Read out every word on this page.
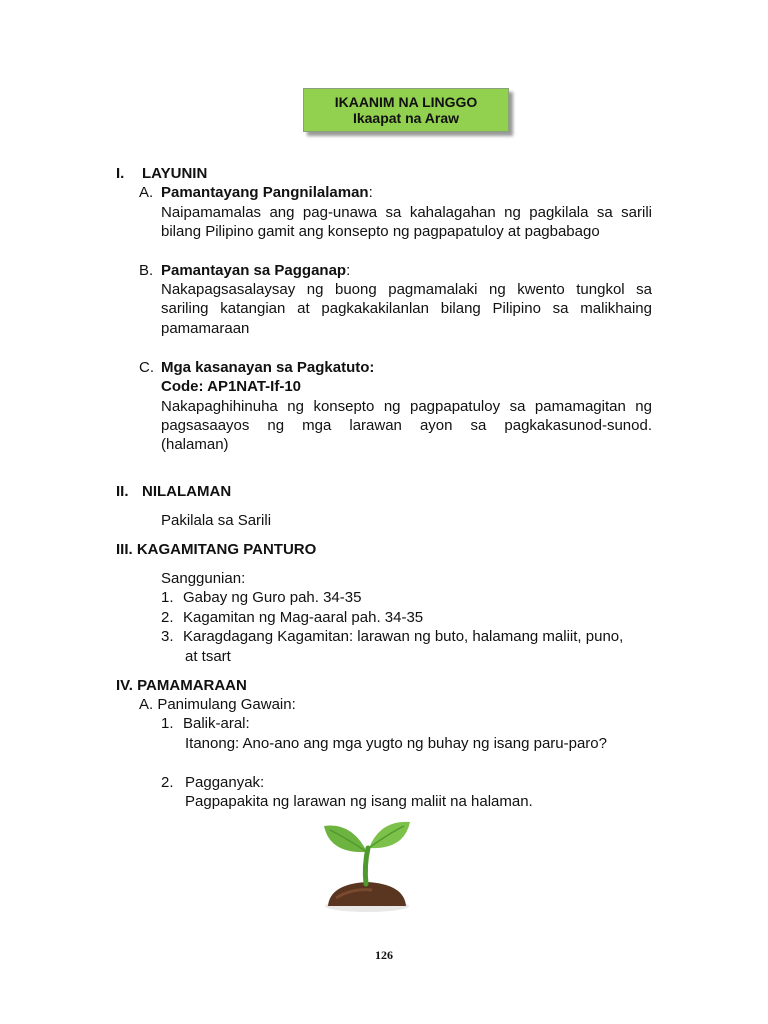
IKAANIM NA LINGGO
Ikaapat na Araw
I. LAYUNIN
A. Pamantayang Pangnilalaman:
Naipamamalas ang pag-unawa sa kahalagahan ng pagkilala sa sarili
bilang Pilipino gamit ang konsepto ng pagpapatuloy at pagbabago
B. Pamantayan sa Pagganap:
Nakapagsasalaysay ng buong pagmamalaki ng kwento tungkol sa
sariling katangian at pagkakakilanlan bilang Pilipino sa malikhaing
pamamaraan
C. Mga kasanayan sa Pagkatuto:
Code: AP1NAT-If-10
Nakapaghihinuha ng konsepto ng pagpapatuloy sa pamamagitan ng
pagsasaayos ng mga larawan ayon sa pagkakasunod-sunod.
(halaman)
II. NILALAMAN
Pakilala sa Sarili
III. KAGAMITANG PANTURO
Sanggunian:
1. Gabay ng Guro pah. 34-35
2. Kagamitan ng Mag-aaral pah. 34-35
3. Karagdagang Kagamitan: larawan ng buto, halamang maliit, puno,
at tsart
IV. PAMAMARAAN
A. Panimulang Gawain:
1. Balik-aral:
Itanong: Ano-ano ang mga yugto ng buhay ng isang paru-paro?
2. Pagganyak:
Pagpapakita ng larawan ng isang maliit na halaman.
126
